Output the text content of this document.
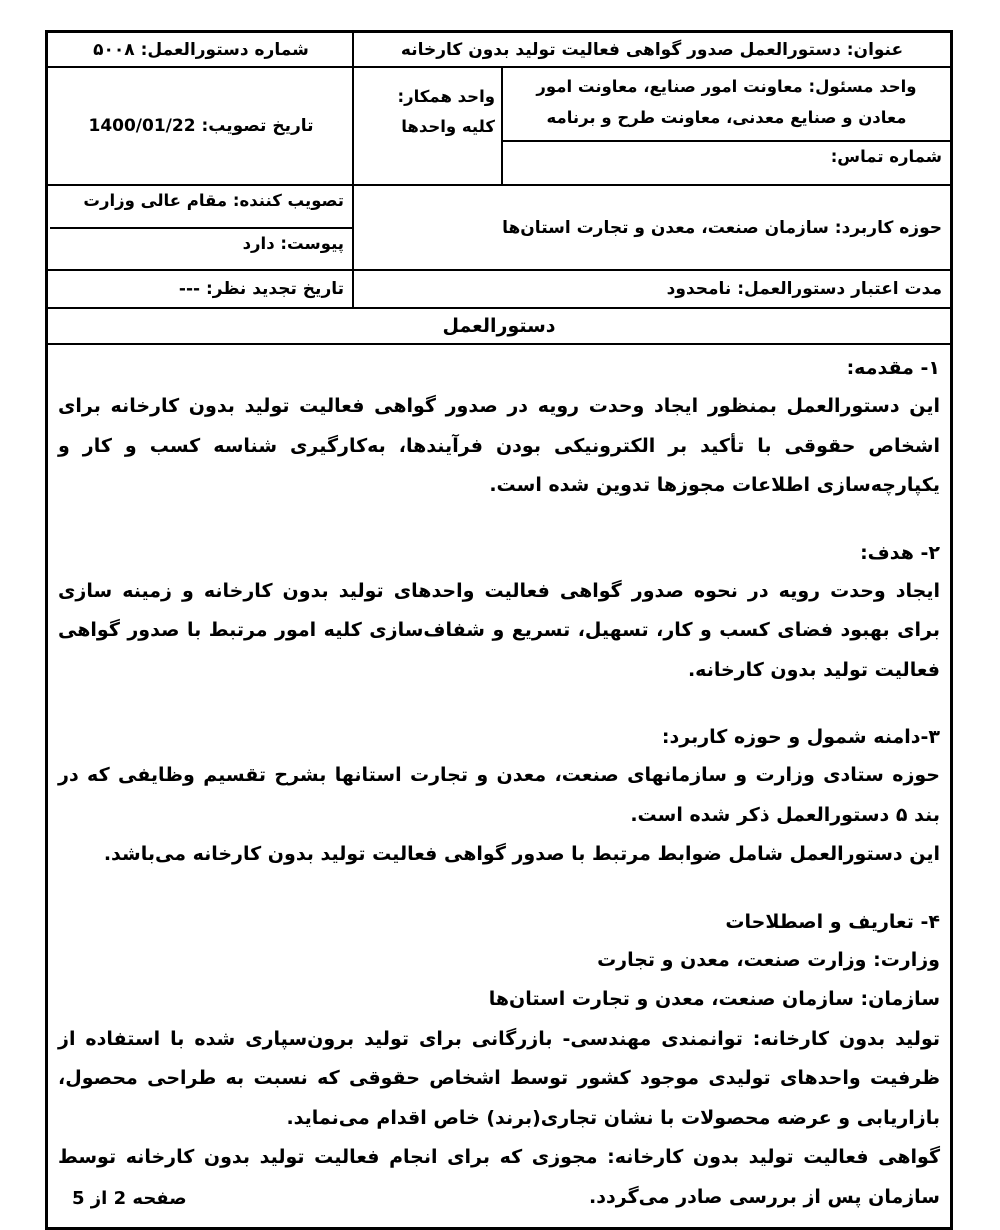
عنوان: دستورالعمل صدور گواهی فعالیت تولید بدون کارخانه
شماره دستورالعمل: ۵۰۰۸
واحد مسئول: معاونت امور صنایع، معاونت امور معادن و صنایع معدنی، معاونت طرح و برنامه
شماره تماس:
واحد همکار: کلیه واحدها
تاریخ تصویب: 1400/01/22
حوزه کاربرد: سازمان صنعت، معدن و تجارت استان‌ها
تصویب کننده: مقام عالی وزارت
پیوست: دارد
مدت اعتبار دستورالعمل: نامحدود
تاریخ تجدید نظر: ---
دستورالعمل
۱- مقدمه:

این دستورالعمل بمنظور ایجاد وحدت رویه در صدور گواهی فعالیت تولید بدون کارخانه برای اشخاص حقوقی با تأکید بر الکترونیکی بودن فرآیندها، به‌کارگیری شناسه کسب و کار و یکپارچه‌سازی اطلاعات مجوزها تدوین شده است.

۲- هدف:

ایجاد وحدت رویه در نحوه صدور گواهی فعالیت واحدهای تولید بدون کارخانه و زمینه سازی برای بهبود فضای کسب و کار، تسهیل، تسریع و شفاف‌سازی کلیه امور مرتبط با صدور گواهی فعالیت تولید بدون کارخانه.

۳-دامنه شمول و حوزه کاربرد:

حوزه ستادی وزارت و سازمانهای صنعت، معدن و تجارت استانها بشرح تقسیم وظایفی که در بند ۵ دستورالعمل ذکر شده است.

این دستورالعمل شامل ضوابط مرتبط با صدور گواهی فعالیت تولید بدون کارخانه می‌باشد.

۴- تعاریف و اصطلاحات

وزارت: وزارت صنعت، معدن و تجارت

سازمان: سازمان صنعت، معدن و تجارت استان‌ها

تولید بدون کارخانه: توانمندی مهندسی- بازرگانی برای تولید برون‌سپاری شده با استفاده از ظرفیت واحدهای تولیدی موجود کشور توسط اشخاص حقوقی که نسبت به طراحی محصول، بازاریابی و عرضه محصولات با نشان تجاری(برند) خاص اقدام می‌نماید.

گواهی فعالیت تولید بدون کارخانه: مجوزی که برای انجام فعالیت تولید بدون کارخانه توسط سازمان پس از بررسی صادر می‌گردد.

صفحه 2 از 5
